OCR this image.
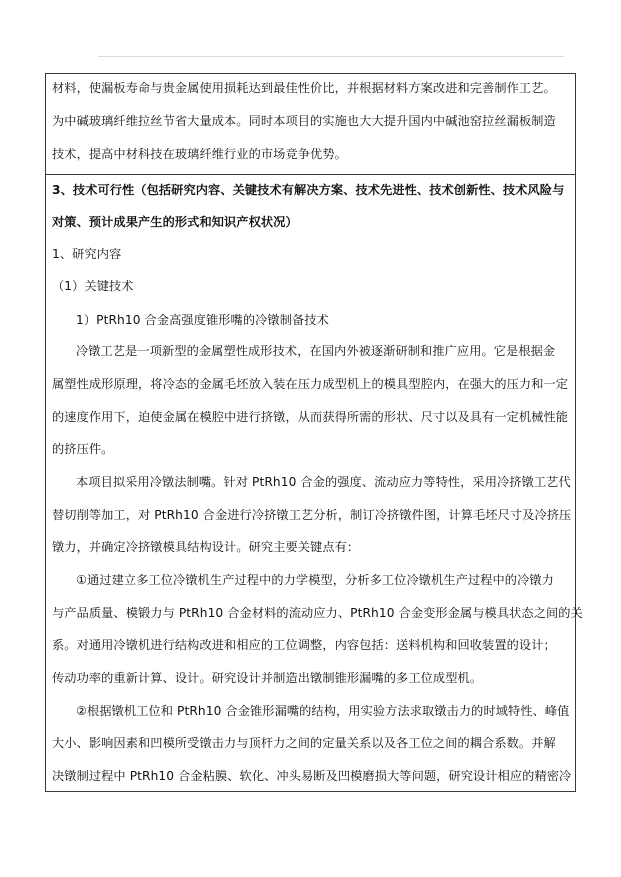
材料，使漏板寿命与贵金属使用损耗达到最佳性价比，并根据材料方案改进和完善制作工艺。
为中碱玻璃纤维拉丝节省大量成本。同时本项目的实施也大大提升国内中碱池窑拉丝漏板制造
技术，提高中材科技在玻璃纤维行业的市场竞争优势。
3、技术可行性（包括研究内容、关键技术有解决方案、技术先进性、技术创新性、技术风险与
对策、预计成果产生的形式和知识产权状况）
1、研究内容
（1）关键技术
1）PtRh10 合金高强度锥形嘴的冷镦制备技术
冷镦工艺是一项新型的金属塑性成形技术，在国内外被逐渐研制和推广应用。它是根据金
属塑性成形原理，将冷态的金属毛坯放入装在压力成型机上的模具型腔内，在强大的压力和一定
的速度作用下，迫使金属在模腔中进行挤镦，从而获得所需的形状、尺寸以及具有一定机械性能
的挤压件。
本项目拟采用冷镦法制嘴。针对 PtRh10 合金的强度、流动应力等特性，采用冷挤镦工艺代
替切削等加工，对 PtRh10 合金进行冷挤镦工艺分析，制订冷挤镦件图，计算毛坯尺寸及冷挤压
镦力，并确定冷挤镦模具结构设计。研究主要关键点有：
①通过建立多工位冷镦机生产过程中的力学模型，分析多工位冷镦机生产过程中的冷镦力
与产品质量、模锻力与 PtRh10 合金材料的流动应力、PtRh10 合金变形金属与模具状态之间的关
系。对通用冷镦机进行结构改进和相应的工位调整，内容包括：送料机构和回收装置的设计；
传动功率的重新计算、设计。研究设计并制造出镦制锥形漏嘴的多工位成型机。
②根据镦机工位和 PtRh10 合金锥形漏嘴的结构，用实验方法求取镦击力的时域特性、峰值
大小、影响因素和凹模所受镦击力与顶杆力之间的定量关系以及各工位之间的耦合系数。并解
决镦制过程中 PtRh10 合金粘膜、软化、冲头易断及凹模磨损大等问题，研究设计相应的精密冷
